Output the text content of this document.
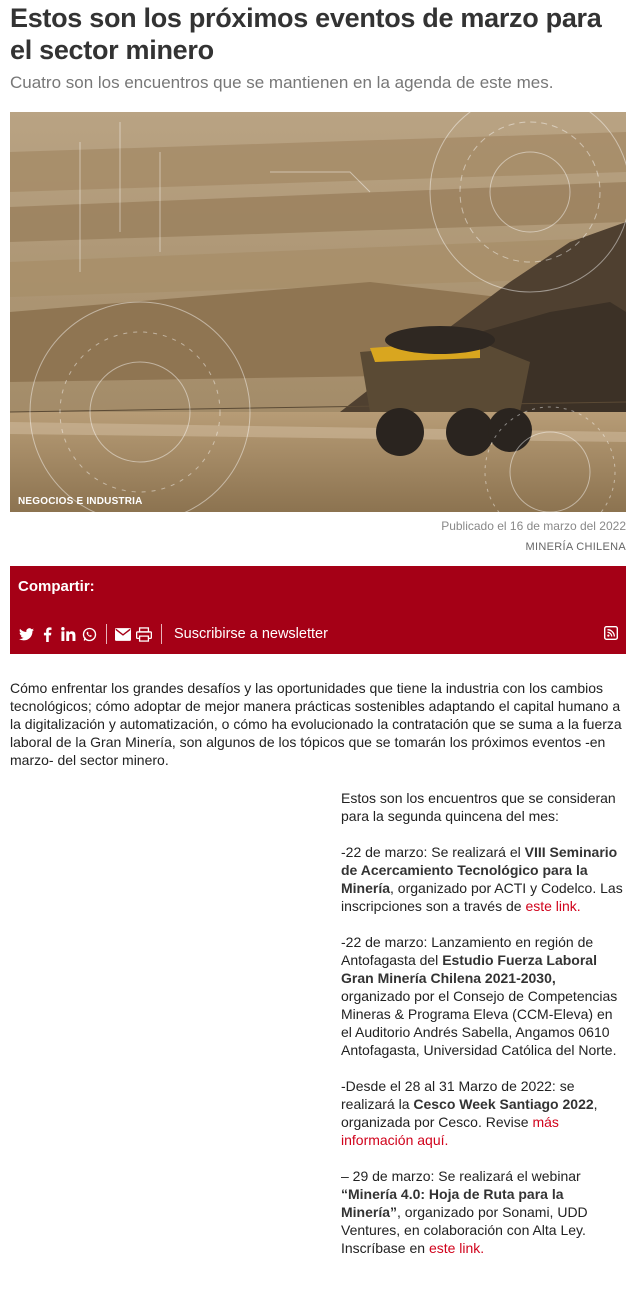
Estos son los próximos eventos de marzo para el sector minero

Cuatro son los encuentros que se mantienen en la agenda de este mes.

NEGOCIOS E INDUSTRIA
Publicado el 16 de marzo del 2022
MINERÍA CHILENA
Compartir:
Suscribirse a newsletter

Cómo enfrentar los grandes desafíos y las oportunidades que tiene la industria con los cambios tecnológicos; cómo adoptar de mejor manera prácticas sostenibles adaptando el capital humano a la digitalización y automatización, o cómo ha evolucionado la contratación que se suma a la fuerza laboral de la Gran Minería, son algunos de los tópicos que se tomarán los próximos eventos -en marzo- del sector minero.

Estos son los encuentros que se consideran para la segunda quincena del mes:

-22 de marzo: Se realizará el VIII Seminario de Acercamiento Tecnológico para la Minería, organizado por ACTI y Codelco. Las inscripciones son a través de este link.

-22 de marzo: Lanzamiento en región de Antofagasta del Estudio Fuerza Laboral Gran Minería Chilena 2021-2030, organizado por el Consejo de Competencias Mineras & Programa Eleva (CCM-Eleva) en el Auditorio Andrés Sabella, Angamos 0610 Antofagasta, Universidad Católica del Norte.

-Desde el 28 al 31 Marzo de 2022: se realizará la Cesco Week Santiago 2022, organizada por Cesco. Revise más información aquí.

– 29 de marzo: Se realizará el webinar “Minería 4.0: Hoja de Ruta para la Minería”, organizado por Sonami, UDD Ventures, en colaboración con Alta Ley. Inscríbase en este link.
